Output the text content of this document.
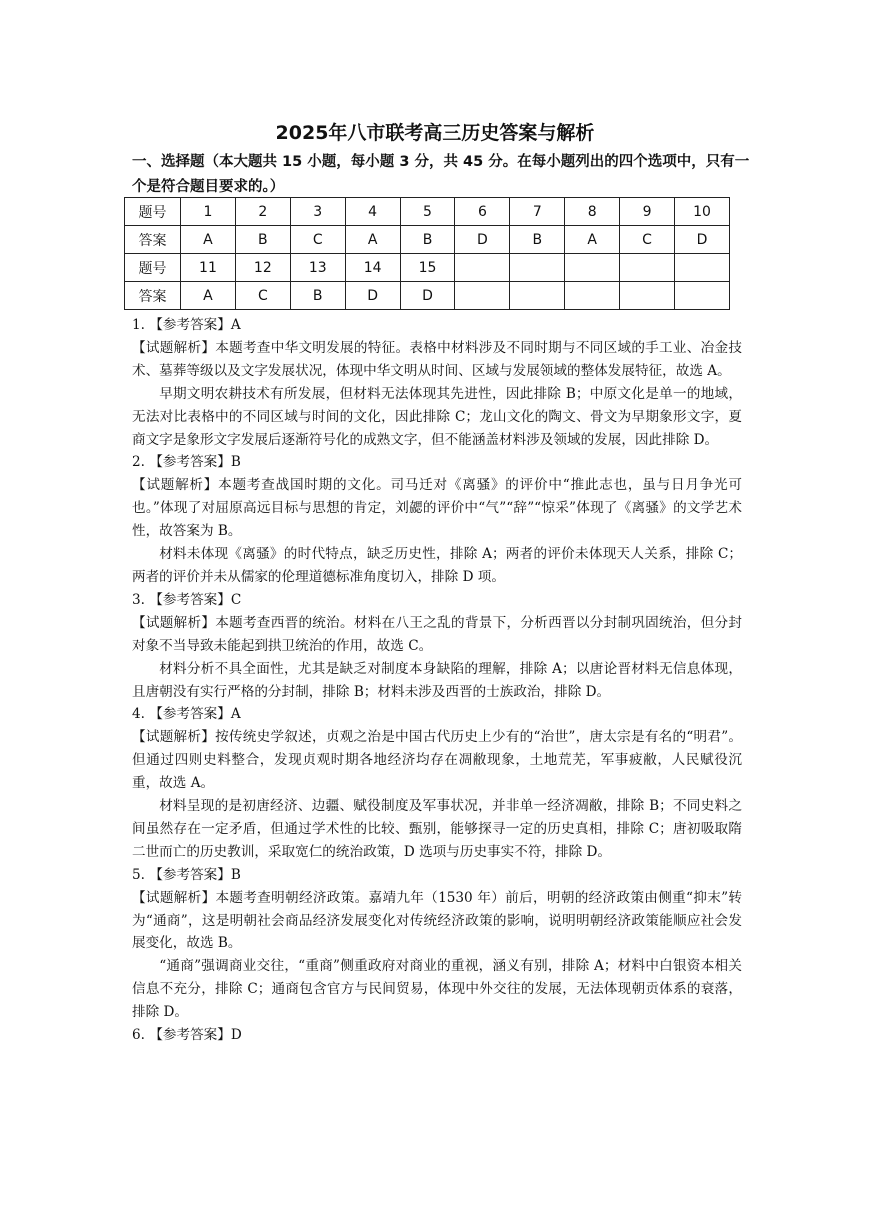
2025年八市联考高三历史答案与解析
一、选择题（本大题共 15 小题，每小题 3 分，共 45 分。在每小题列出的四个选项中，只有一个是符合题目要求的。）
题号	1	2	3	4	5	6	7	8	9	10
答案	A	B	C	A	B	D	B	A	C	D
题号	11	12	13	14	15					
答案	A	C	B	D	D					

1. 【参考答案】A

【试题解析】本题考查中华文明发展的特征。表格中材料涉及不同时期与不同区域的手工业、冶金技术、墓葬等级以及文字发展状况，体现中华文明从时间、区域与发展领域的整体发展特征，故选 A。

早期文明农耕技术有所发展，但材料无法体现其先进性，因此排除 B；中原文化是单一的地域，无法对比表格中的不同区域与时间的文化，因此排除 C；龙山文化的陶文、骨文为早期象形文字，夏商文字是象形文字发展后逐渐符号化的成熟文字，但不能涵盖材料涉及领域的发展，因此排除 D。

2. 【参考答案】B

【试题解析】本题考查战国时期的文化。司马迁对《离骚》的评价中“推此志也，虽与日月争光可也。”体现了对屈原高远目标与思想的肯定，刘勰的评价中“气”“辞”“惊采”体现了《离骚》的文学艺术性，故答案为 B。

材料未体现《离骚》的时代特点，缺乏历史性，排除 A；两者的评价未体现天人关系，排除 C；两者的评价并未从儒家的伦理道德标准角度切入，排除 D 项。

3. 【参考答案】C

【试题解析】本题考查西晋的统治。材料在八王之乱的背景下，分析西晋以分封制巩固统治，但分封对象不当导致未能起到拱卫统治的作用，故选 C。

材料分析不具全面性，尤其是缺乏对制度本身缺陷的理解，排除 A；以唐论晋材料无信息体现，且唐朝没有实行严格的分封制，排除 B；材料未涉及西晋的士族政治，排除 D。

4. 【参考答案】A

【试题解析】按传统史学叙述，贞观之治是中国古代历史上少有的“治世”，唐太宗是有名的“明君”。但通过四则史料整合，发现贞观时期各地经济均存在凋敝现象，土地荒芜，军事疲敝，人民赋役沉重，故选 A。

材料呈现的是初唐经济、边疆、赋役制度及军事状况，并非单一经济凋敝，排除 B；不同史料之间虽然存在一定矛盾，但通过学术性的比较、甄别，能够探寻一定的历史真相，排除 C；唐初吸取隋二世而亡的历史教训，采取宽仁的统治政策，D 选项与历史事实不符，排除 D。

5. 【参考答案】B

【试题解析】本题考查明朝经济政策。嘉靖九年（1530 年）前后，明朝的经济政策由侧重“抑末”转为“通商”，这是明朝社会商品经济发展变化对传统经济政策的影响，说明明朝经济政策能顺应社会发展变化，故选 B。

“通商”强调商业交往，“重商”侧重政府对商业的重视，涵义有别，排除 A；材料中白银资本相关信息不充分，排除 C；通商包含官方与民间贸易，体现中外交往的发展，无法体现朝贡体系的衰落，排除 D。

6. 【参考答案】D
